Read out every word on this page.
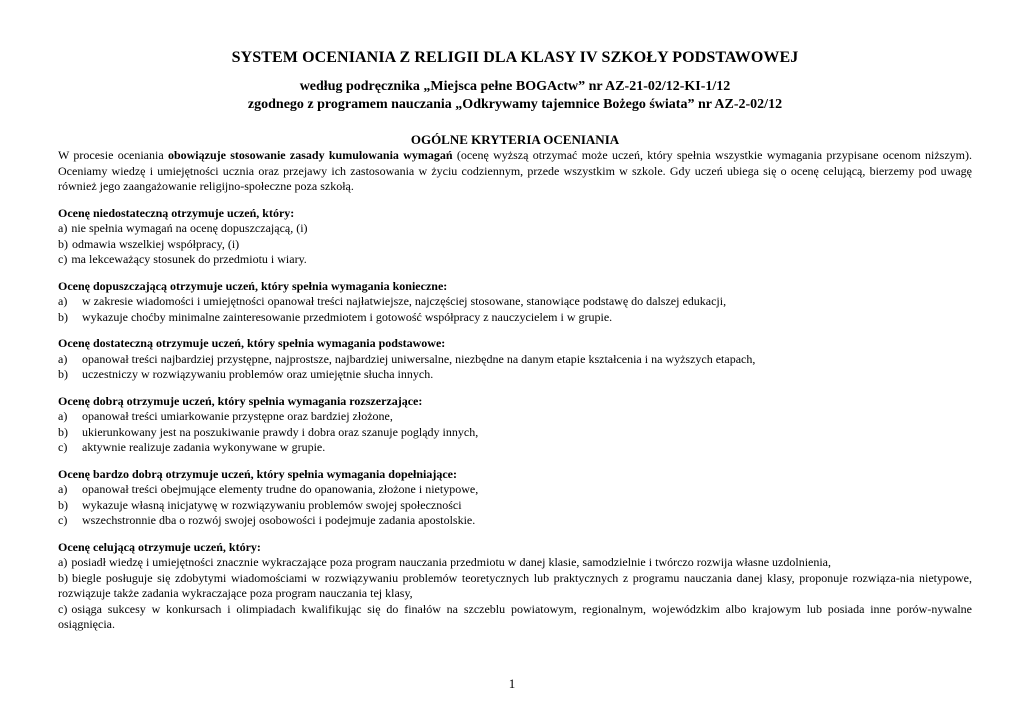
SYSTEM OCENIANIA Z RELIGII DLA KLASY IV SZKOŁY PODSTAWOWEJ

według podręcznika „Miejsca pełne BOGActw” nr AZ-21-02/12-KI-1/12

zgodnego z programem nauczania „Odkrywamy tajemnice Bożego świata” nr AZ-2-02/12

OGÓLNE KRYTERIA OCENIANIA

W procesie oceniania obowiązuje stosowanie zasady kumulowania wymagań (ocenę wyższą otrzymać może uczeń, który spełnia wszystkie wymagania przypisane ocenom niższym). Oceniamy wiedzę i umiejętności ucznia oraz przejawy ich zastosowania w życiu codziennym, przede wszystkim w szkole. Gdy uczeń ubiega się o ocenę celującą, bierzemy pod uwagę również jego zaangażowanie religijno-społeczne poza szkołą.

Ocenę niedostateczną otrzymuje uczeń, który:

a) nie spełnia wymagań na ocenę dopuszczającą, (i)

b) odmawia wszelkiej współpracy, (i)

c) ma lekceważący stosunek do przedmiotu i wiary.

Ocenę dopuszczającą otrzymuje uczeń, który spełnia wymagania konieczne:

a)	w zakresie wiadomości i umiejętności opanował treści najłatwiejsze, najczęściej stosowane, stanowiące podstawę do dalszej edukacji,

b)	wykazuje choćby minimalne zainteresowanie przedmiotem i gotowość współpracy z nauczycielem i w grupie.

Ocenę dostateczną otrzymuje uczeń, który spełnia wymagania podstawowe:

a)	opanował treści najbardziej przystępne, najprostsze, najbardziej uniwersalne, niezbędne na danym etapie kształcenia i na wyższych etapach,

b)	uczestniczy w rozwiązywaniu problemów oraz umiejętnie słucha innych.

Ocenę dobrą otrzymuje uczeń, który spełnia wymagania rozszerzające:

a)	opanował treści umiarkowanie przystępne oraz bardziej złożone,

b)	ukierunkowany jest na poszukiwanie prawdy i dobra oraz szanuje poglądy innych,

c)	aktywnie realizuje zadania wykonywane w grupie.

Ocenę bardzo dobrą otrzymuje uczeń, który spełnia wymagania dopełniające:

a)	opanował treści obejmujące elementy trudne do opanowania, złożone i nietypowe,

b)	wykazuje własną inicjatywę w rozwiązywaniu problemów swojej społeczności

c)	wszechstronnie dba o rozwój swojej osobowości i podejmuje zadania apostolskie.

Ocenę celującą otrzymuje uczeń, który:

a) posiadł wiedzę i umiejętności znacznie wykraczające poza program nauczania przedmiotu w danej klasie, samodzielnie i twórczo rozwija własne uzdolnienia,

b) biegle posługuje się zdobytymi wiadomościami w rozwiązywaniu problemów teoretycznych lub praktycznych z programu nauczania danej klasy, proponuje rozwiąza-nia nietypowe, rozwiązuje także zadania wykraczające poza program nauczania tej klasy,

c) osiąga sukcesy w konkursach i olimpiadach kwalifikując się do finałów na szczeblu powiatowym, regionalnym, wojewódzkim albo krajowym lub posiada inne porów-nywalne osiągnięcia.

1
